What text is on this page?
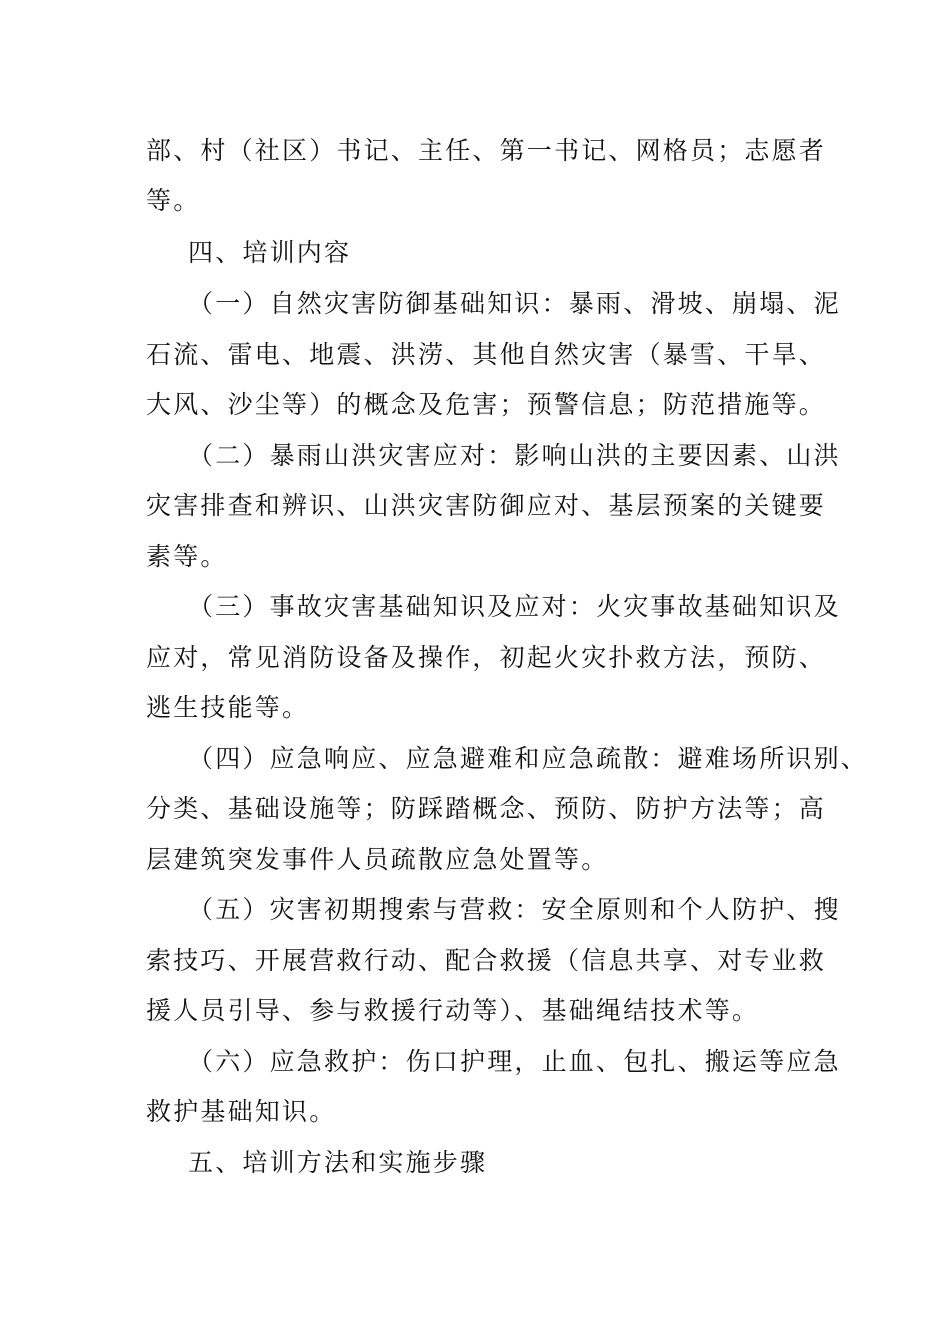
部、村（社区）书记、主任、第一书记、网格员；志愿者
等。
四、培训内容
（一）自然灾害防御基础知识：暴雨、滑坡、崩塌、泥
石流、雷电、地震、洪涝、其他自然灾害（暴雪、干旱、
大风、沙尘等）的概念及危害；预警信息；防范措施等。
（二）暴雨山洪灾害应对：影响山洪的主要因素、山洪
灾害排查和辨识、山洪灾害防御应对、基层预案的关键要
素等。
（三）事故灾害基础知识及应对：火灾事故基础知识及
应对，常见消防设备及操作，初起火灾扑救方法，预防、
逃生技能等。
（四）应急响应、应急避难和应急疏散：避难场所识别、
分类、基础设施等；防踩踏概念、预防、防护方法等；高
层建筑突发事件人员疏散应急处置等。
（五）灾害初期搜索与营救：安全原则和个人防护、搜
索技巧、开展营救行动、配合救援（信息共享、对专业救
援人员引导、参与救援行动等）、基础绳结技术等。
（六）应急救护：伤口护理，止血、包扎、搬运等应急
救护基础知识。
五、培训方法和实施步骤
